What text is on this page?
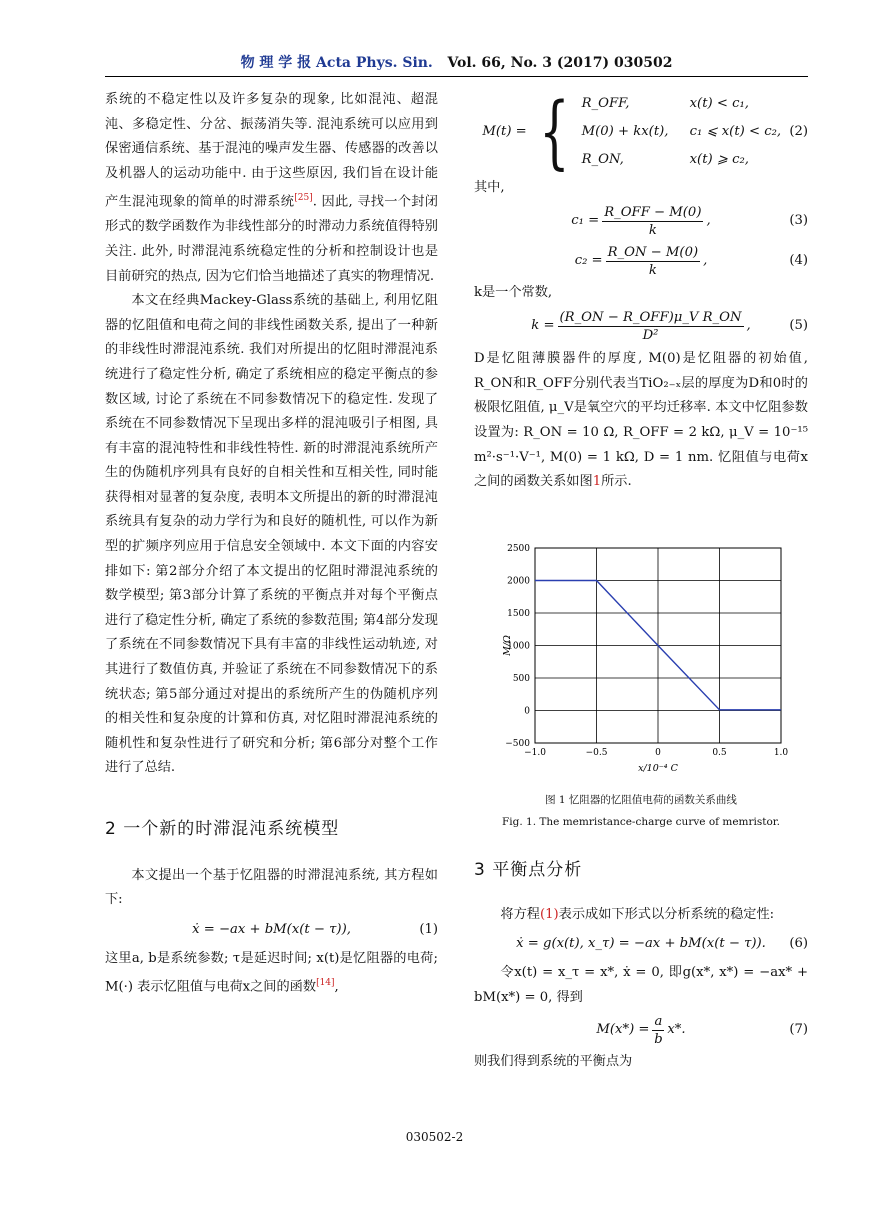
物 理 学 报 Acta Phys. Sin. Vol. 66, No. 3 (2017) 030502

系统的不稳定性以及许多复杂的现象, 比如混沌、超混沌、多稳定性、分岔、振荡消失等. 混沌系统可以应用到保密通信系统、基于混沌的噪声发生器、传感器的改善以及机器人的运动功能中. 由于这些原因, 我们旨在设计能产生混沌现象的简单的时滞系统[25]. 因此, 寻找一个封闭形式的数学函数作为非线性部分的时滞动力系统值得特别关注. 此外, 时滞混沌系统稳定性的分析和控制设计也是目前研究的热点, 因为它们恰当地描述了真实的物理情况.

本文在经典Mackey-Glass系统的基础上, 利用忆阻器的忆阻值和电荷之间的非线性函数关系, 提出了一种新的非线性时滞混沌系统. 我们对所提出的忆阻时滞混沌系统进行了稳定性分析, 确定了系统相应的稳定平衡点的参数区域, 讨论了系统在不同参数情况下的稳定性. 发现了系统在不同参数情况下呈现出多样的混沌吸引子相图, 具有丰富的混沌特性和非线性特性. 新的时滞混沌系统所产生的伪随机序列具有良好的自相关性和互相关性, 同时能获得相对显著的复杂度, 表明本文所提出的新的时滞混沌系统具有复杂的动力学行为和良好的随机性, 可以作为新型的扩频序列应用于信息安全领域中. 本文下面的内容安排如下: 第2部分介绍了本文提出的忆阻时滞混沌系统的数学模型; 第3部分计算了系统的平衡点并对每个平衡点进行了稳定性分析, 确定了系统的参数范围; 第4部分发现了系统在不同参数情况下具有丰富的非线性运动轨迹, 对其进行了数值仿真, 并验证了系统在不同参数情况下的系统状态; 第5部分通过对提出的系统所产生的伪随机序列的相关性和复杂度的计算和仿真, 对忆阻时滞混沌系统的随机性和复杂性进行了研究和分析; 第6部分对整个工作进行了总结.

2 一个新的时滞混沌系统模型

本文提出一个基于忆阻器的时滞混沌系统, 其方程如下:

ẋ = −ax + bM(x(t − τ)),	(1)

这里a, b是系统参数; τ是延迟时间; x(t)是忆阻器的电荷; M(·) 表示忆阻值与电荷x之间的函数[14],

M(t) = { R_OFF,	x(t) < c₁,
M(0) + kx(t),	c₁ ⩽ x(t) < c₂,
R_ON,	x(t) ⩾ c₂,
(2)

其中,

$c_1 = \frac{\text{R\_OFF − M(0)}}{k}$ ,	(3)
$c_2 = \frac{R\_ON - M(0)}{k}$ ,	(4)

k是一个常数,

$k = \frac{\text{(R\_ON − R\_OFF)μ\_V R\_ON}}{\text{D²}}$ ,	(5)

D是忆阻薄膜器件的厚度, M(0)是忆阻器的初始值, R_ON和R_OFF分别代表当TiO₂₋ₓ层的厚度为D和0时的极限忆阻值, μ_V是氧空穴的平均迁移率. 本文中忆阻参数设置为: R_ON = 10 Ω, R_OFF = 2 kΩ, μ_V = 10⁻¹⁵ m²·s⁻¹·V⁻¹, M(0) = 1 kΩ, D = 1 nm. 忆阻值与电荷x之间的函数关系如图1所示.

−1.0	−0.5	0	0.5	1.0
−500
0
500
1000
1500
2000
2500
x/10⁻⁴ C
M/Ω
图 1 忆阻器的忆阻值电荷的函数关系曲线
Fig. 1. The memristance-charge curve of memristor.
3 平衡点分析

将方程(1)表示成如下形式以分析系统的稳定性:

ẋ = g(x(t), x_τ) = −ax + bM(x(t − τ)). (6)

令x(t) = x_τ = x*, ẋ = 0, 即g(x*, x*) = −ax* + bM(x*) = 0, 得到

$M(x*) = \frac{a}{b} x*$.	(7)

则我们得到系统的平衡点为

030502-2
